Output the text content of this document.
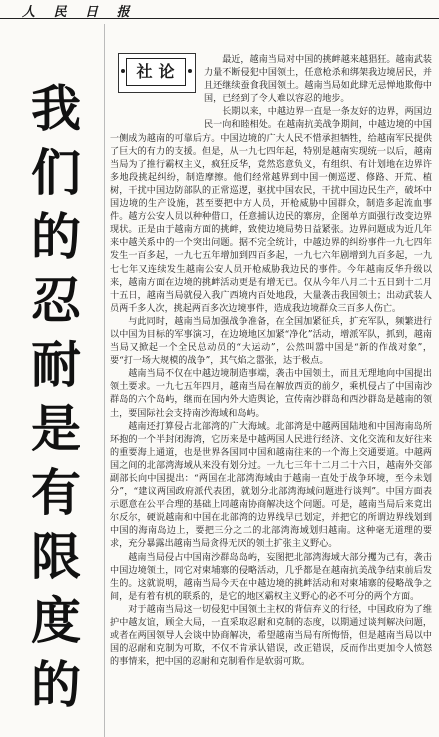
人 民 日 报
我
们
的
忍
耐
是
有
限
度
的
社论

最近，越南当局对中国的挑衅越来越猖狂。越南武装力量不断侵犯中国领土，任意枪杀和绑架我边境居民，并且还继续蚕食我国领土。越南当局如此肆无忌惮地欺侮中国，已经到了令人难以容忍的地步。

长期以来，中越边界一直是一条友好的边界，两国边民一向和睦相处。在越南抗美战争期间，中越边境的中国一侧成为越南的可靠后方。中国边境的广大人民不惜承担牺牲，给越南军民提供了巨大的有力的支援。但是，从一九七四年起，特别是越南实现统一以后，越南当局为了推行霸权主义，疯狂反华，竟然恣意负义，有组织、有计划地在边界许多地段挑起纠纷，制造摩擦。他们经常越界到中国一侧巡逻、修路、开荒、植树，干扰中国边防部队的正常巡逻，驱扰中国农民，干扰中国边民生产，破坏中国边境的生产设施，甚至要把中方人员，开枪威胁中国群众，制造多起流血事件。越方公安人员以种种借口，任意捕认边民的寨房，企图单方面强行改变边界现状。正是由于越南方面的挑衅，致使边境局势日益紧张。边界问题成为近几年来中越关系中的一个突出问题。据不完全统计，中越边界的纠纷事件一九七四年发生一百多起，一九七五年增加到四百多起，一九七六年剧增到九百多起，一九七七年又连续发生越南公安人员开枪威胁我边民的事件。今年越南反华升级以来，越南方面在边境的挑衅活动更是有增无已。仅从今年八月二十五日到十二月十五日，越南当局就侵入我广西境内百处地段，大量袭击我国领土；出动武装人员两千多人次，挑起两百多次边境事件，造成我边境群众三百多人伤亡。

与此同时，越南当局加强战争准备，在全国加紧征兵，扩充军队，频繁进行以中国为目标的军事演习，在边境地区加紧“净化”活动，增派军队，抓到，越南当局又掀起一个全民总动员的“大运动”，公然叫嚣中国是“新的作战对象”，要“打一场大规模的战争”，其气焰之嚣张，达于极点。

越南当局不仅在中越边境制造事端，袭击中国领土，而且无理地向中国提出领土要求。一九七五年四月，越南当局在解放西贡的前夕，乘机侵占了中国南沙群岛的六个岛屿，继而在国内外大造舆论，宣传南沙群岛和西沙群岛是越南的领土，要国际社会支持南沙海域和岛屿。

越南还打算侵占北部湾的广大海域。北部湾是中越两国陆地和中国海南岛所环抱的一个半封闭海湾，它历来是中越两国人民进行经济、文化交流和友好往来的重要海上通道，也是世界各国同中国和越南往来的一个海上交通要道。中越两国之间的北部湾海域从来没有划分过。一九七三年十二月二十六日，越南外交部副部长向中国提出：“两国在北部湾海域由于越南一直处于战争环境，至今未划分”，“建议两国政府派代表团，就划分北部湾海域问题进行谈判”。中国方面表示愿意在公平合理的基础上同越南协商解决这个问题。可是，越南当局后来竟出尔反尔，硬说越南和中国在北部湾的边界线早已划定，并把它的所谓边界线划到中国的海南岛边上，要把三分之二的北部湾海域划归越南。这种毫无道理的要求，充分暴露出越南当局贪得无厌的领土扩张主义野心。

越南当局侵占中国南沙群岛岛屿，妄图把北部湾海域大部分攫为己有，袭击中国边境领土，同它对柬埔寨的侵略活动，几乎都是在越南抗美战争结束前后发生的。这就说明，越南当局今天在中越边境的挑衅活动和对柬埔寨的侵略战争之间，是有着有机的联系的，是它的地区霸权主义野心的必不可分的两个方面。

对于越南当局这一切侵犯中国领土主权的背信弃义的行径，中国政府为了维护中越友谊，顾全大局，一直采取忍耐和克制的态度，以期通过谈判解决问题，或者在两国领导人会谈中协商解决，希望越南当局有所悔悟，但是越南当局以中国的忍耐和克制为可欺，不仅不肯承认错误，改正错误，反而作出更加令人愤怒的事情来，把中国的忍耐和克制看作是软弱可欺。
